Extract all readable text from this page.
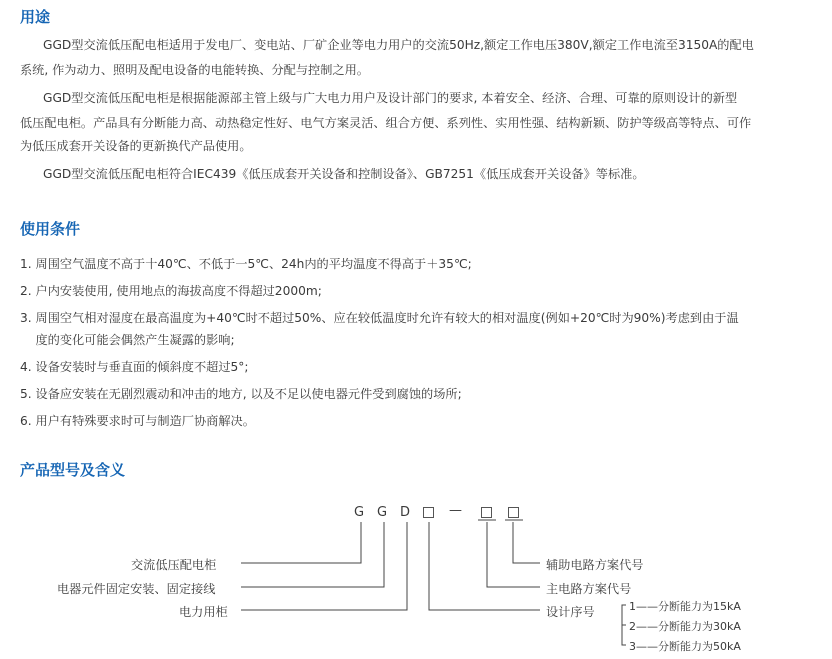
用途
GGD型交流低压配电柜适用于发电厂、变电站、厂矿企业等电力用户的交流50Hz,额定工作电压380V,额定工作电流至3150A的配电
系统, 作为动力、照明及配电设备的电能转换、分配与控制之用。
GGD型交流低压配电柜是根据能源部主管上级与广大电力用户及设计部门的要求, 本着安全、经济、合理、可靠的原则设计的新型
低压配电柜。产品具有分断能力高、动热稳定性好、电气方案灵活、组合方便、系列性、实用性强、结构新颖、防护等级高等特点、可作
为低压成套开关设备的更新换代产品使用。
GGD型交流低压配电柜符合IEC439《低压成套开关设备和控制设备》、GB7251《低压成套开关设备》等标准。
使用条件
1. 周围空气温度不高于十40℃、不低于一5℃、24h内的平均温度不得高于＋35℃;
2. 户内安装使用, 使用地点的海拔高度不得超过2000m;
3. 周围空气相对湿度在最高温度为+40℃时不超过50%、应在较低温度时允许有较大的相对温度(例如+20℃时为90%)考虑到由于温
度的变化可能会偶然产生凝露的影响;
4. 设备安装时与垂直面的倾斜度不超过5°;
5. 设备应安装在无剧烈震动和冲击的地方, 以及不足以使电器元件受到腐蚀的场所;
6. 用户有特殊要求时可与制造厂协商解决。
产品型号及含义
G G D	—
交流低压配电柜
电器元件固定安装、固定接线
电力用柜
辅助电路方案代号
主电路方案代号
设计序号	1——分断能力为15kA
2——分断能力为30kA
3——分断能力为50kA
